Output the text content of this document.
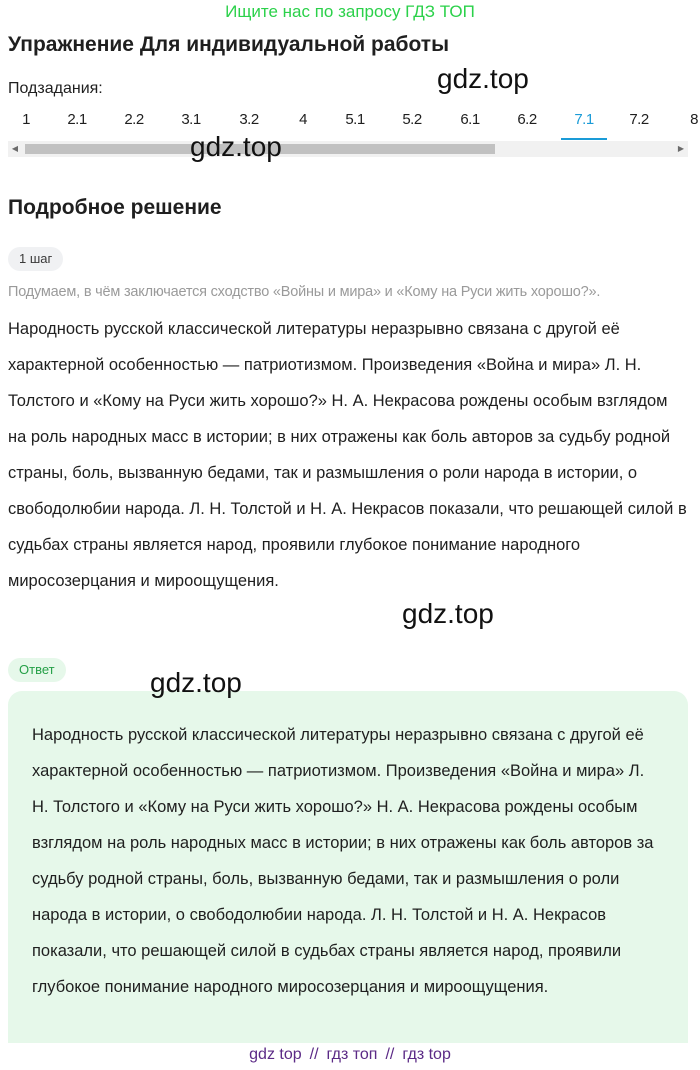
Ищите нас по запросу ГДЗ ТОП
Упражнение Для индивидуальной работы
Подзадания:
1	2.1	2.2	3.1	3.2	4	5.1	5.2	6.1	6.2	7.1	7.2	8
◀	▶
gdz.top
gdz.top
Подробное решение
1 шаг
Подумаем, в чём заключается сходство «Войны и мира» и «Кому на Руси жить хорошо?».

Народность русской классической литературы неразрывно связана с другой её характерной особенностью — патриотизмом. Произведения «Война и мира» Л. Н. Толстого и «Кому на Руси жить хорошо?» Н. А. Некрасова рождены особым взглядом на роль народных масс в истории; в них отражены как боль авторов за судьбу родной страны, боль, вызванную бедами, так и размышления о роли народа в истории, о свободолюбии народа. Л. Н. Толстой и Н. А. Некрасов показали, что решающей силой в судьбах страны является народ, проявили глубокое понимание народного миросозерцания и мироощущения.

gdz.top
Ответ

Народность русской классической литературы неразрывно связана с другой её характерной особенностью — патриотизмом. Произведения «Война и мира» Л. Н. Толстого и «Кому на Руси жить хорошо?» Н. А. Некрасова рождены особым взглядом на роль народных масс в истории; в них отражены как боль авторов за судьбу родной страны, боль, вызванную бедами, так и размышления о роли народа в истории, о свободолюбии народа. Л. Н. Толстой и Н. А. Некрасов показали, что решающей силой в судьбах страны является народ, проявили глубокое понимание народного миросозерцания и мироощущения.

gdz.top
gdz top // гдз топ // гдз top
